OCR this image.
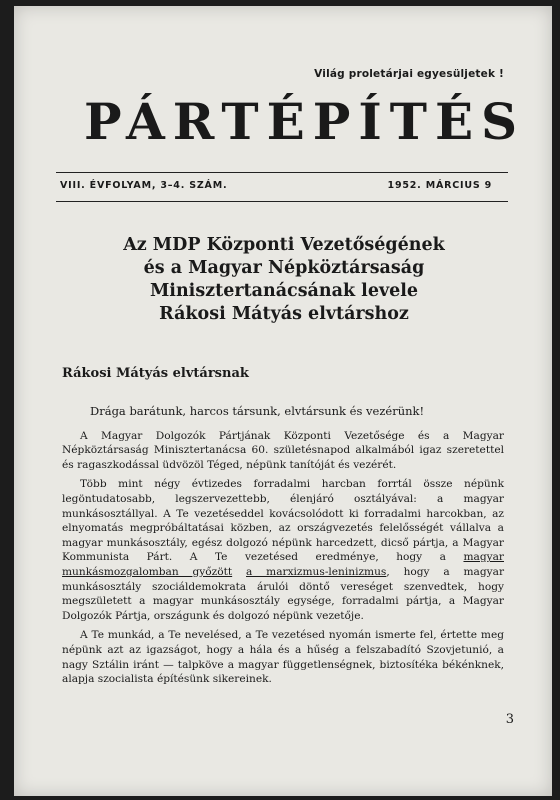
Világ proletárjai egyesüljetek !
PÁRTÉPÍTÉS
VIII. ÉVFOLYAM, 3–4. SZÁM.	1952. MÁRCIUS 9
Az MDP Központi Vezetőségének
és a Magyar Népköztársaság
Minisztertanácsának levele
Rákosi Mátyás elvtárshoz
Rákosi Mátyás elvtársnak

Drága barátunk, harcos társunk, elvtársunk és vezérünk!

A Magyar Dolgozók Pártjának Központi Vezetősége és a Magyar Népköztársaság Minisztertanácsa 60. születésnapod alkalmából igaz szeretettel és ragaszkodással üdvözöl Téged, népünk tanítóját és vezérét.

Több mint négy évtizedes forradalmi harcban forrtál össze népünk legöntudatosabb, legszervezettebb, élenjáró osztályával: a magyar munkásosztállyal. A Te vezetéseddel kovácsolódott ki forradalmi harcokban, az elnyomatás megpróbáltatásai közben, az országvezetés felelősségét vállalva a magyar munkásosztály, egész dolgozó népünk harcedzett, dicső pártja, a Magyar Kommunista Párt. A Te vezetésed eredménye, hogy a magyar munkásmozgalomban győzött a marxizmus-leninizmus, hogy a magyar munkásosztály szociáldemokrata árulói döntő vereséget szenvedtek, hogy megszületett a magyar munkásosztály egysége, forradalmi pártja, a Magyar Dolgozók Pártja, országunk és dolgozó népünk vezetője.

A Te munkád, a Te nevelésed, a Te vezetésed nyomán ismerte fel, értette meg népünk azt az igazságot, hogy a hála és a hűség a felszabadító Szovjetunió, a nagy Sztálin iránt — talpköve a magyar függetlenségnek, biztosítéka békénknek, alapja szocialista építésünk sikereinek.

3
